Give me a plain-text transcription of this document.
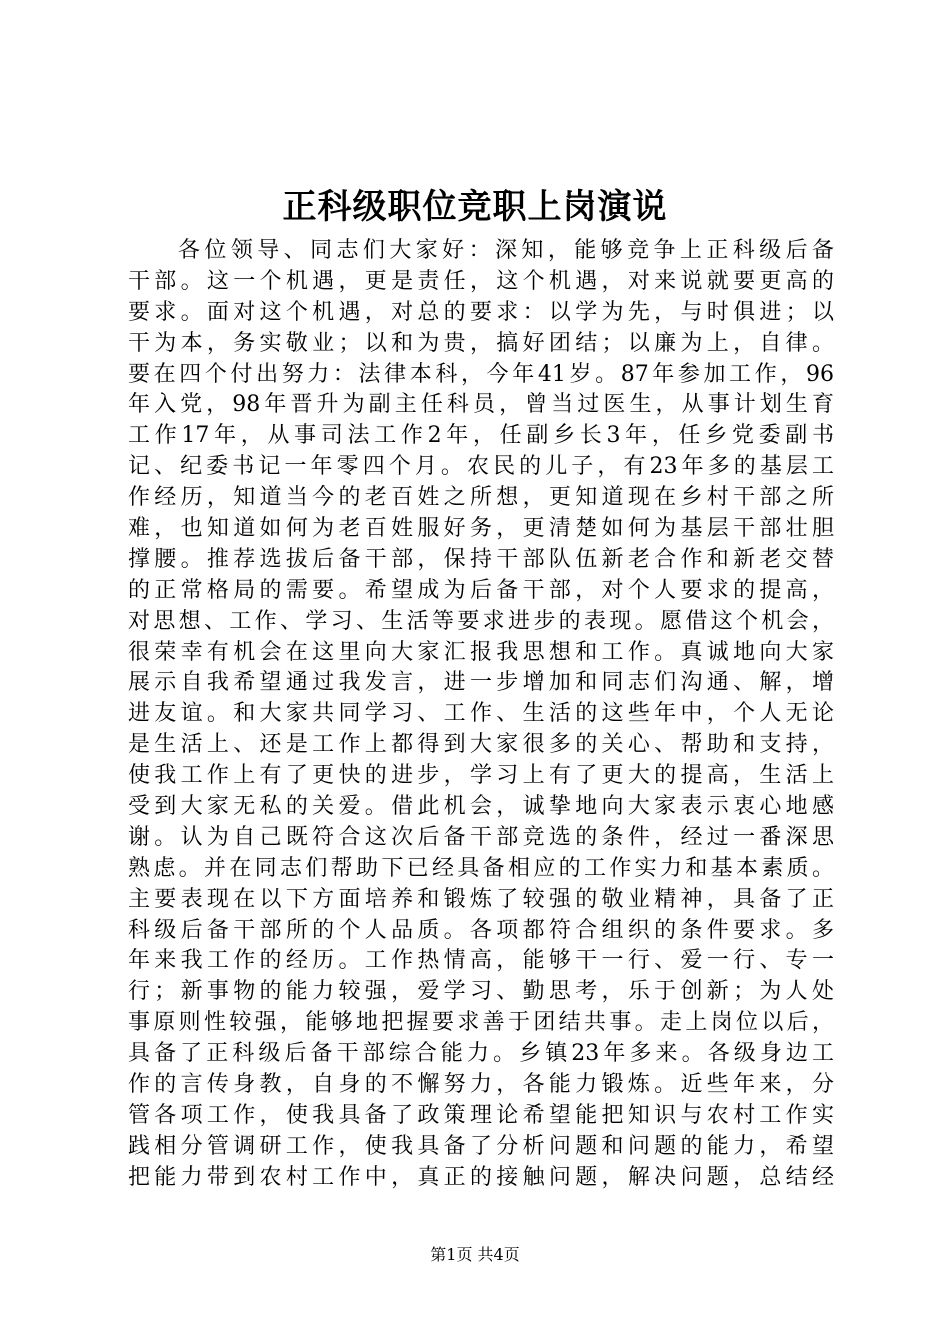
正科级职位竞职上岗演说
各位领导、同志们大家好：深知，能够竞争上正科级后备
干部。这一个机遇，更是责任，这个机遇，对来说就要更高的
要求。面对这个机遇，对总的要求：以学为先，与时俱进；以
干为本，务实敬业；以和为贵，搞好团结；以廉为上，自律。
要在四个付出努力：法律本科，今年41岁。87年参加工作，96
年入党，98年晋升为副主任科员，曾当过医生，从事计划生育
工作17年，从事司法工作2年，任副乡长3年，任乡党委副书
记、纪委书记一年零四个月。农民的儿子，有23年多的基层工
作经历，知道当今的老百姓之所想，更知道现在乡村干部之所
难，也知道如何为老百姓服好务，更清楚如何为基层干部壮胆
撑腰。推荐选拔后备干部，保持干部队伍新老合作和新老交替
的正常格局的需要。希望成为后备干部，对个人要求的提高，
对思想、工作、学习、生活等要求进步的表现。愿借这个机会，
很荣幸有机会在这里向大家汇报我思想和工作。真诚地向大家
展示自我希望通过我发言，进一步增加和同志们沟通、解，增
进友谊。和大家共同学习、工作、生活的这些年中，个人无论
是生活上、还是工作上都得到大家很多的关心、帮助和支持，
使我工作上有了更快的进步，学习上有了更大的提高，生活上
受到大家无私的关爱。借此机会，诚挚地向大家表示衷心地感
谢。认为自己既符合这次后备干部竞选的条件，经过一番深思
熟虑。并在同志们帮助下已经具备相应的工作实力和基本素质。
主要表现在以下方面培养和锻炼了较强的敬业精神，具备了正
科级后备干部所的个人品质。各项都符合组织的条件要求。多
年来我工作的经历。工作热情高，能够干一行、爱一行、专一
行；新事物的能力较强，爱学习、勤思考，乐于创新；为人处
事原则性较强，能够地把握要求善于团结共事。走上岗位以后，
具备了正科级后备干部综合能力。乡镇23年多来。各级身边工
作的言传身教，自身的不懈努力，各能力锻炼。近些年来，分
管各项工作，使我具备了政策理论希望能把知识与农村工作实
践相分管调研工作，使我具备了分析问题和问题的能力，希望
把能力带到农村工作中，真正的接触问题，解决问题，总结经
第1页 共4页
